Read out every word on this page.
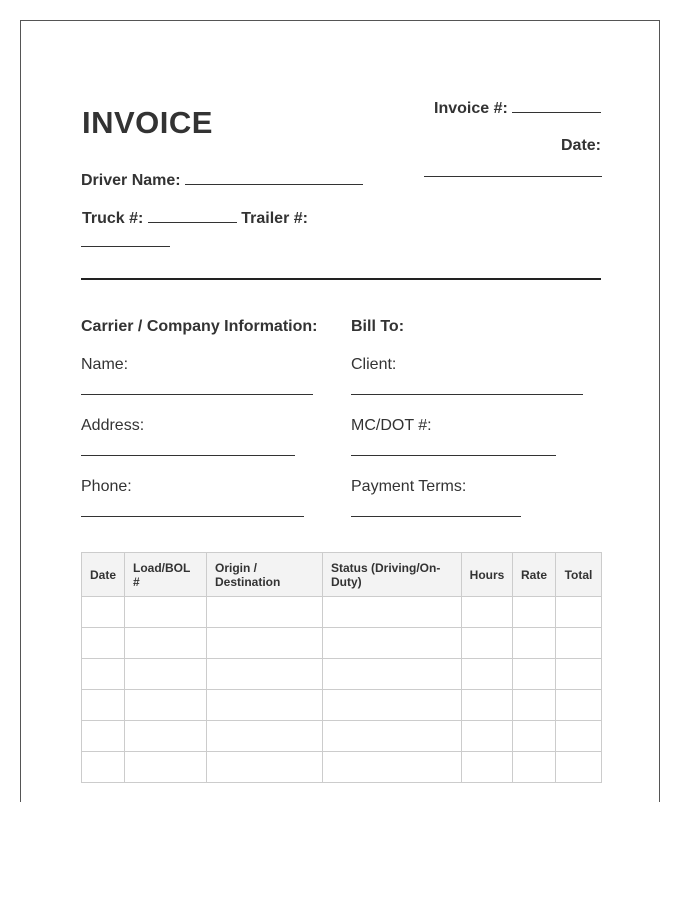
INVOICE	Invoice #:
Date:
Driver Name:
Truck #:	Trailer #:
Carrier / Company Information:
Name:
Address:
Phone:
Bill To:
Client:
MC/DOT #:
Payment Terms:
Date	Load/BOL #	Origin / Destination	Status (Driving/On-Duty)	Hours	Rate	Total
